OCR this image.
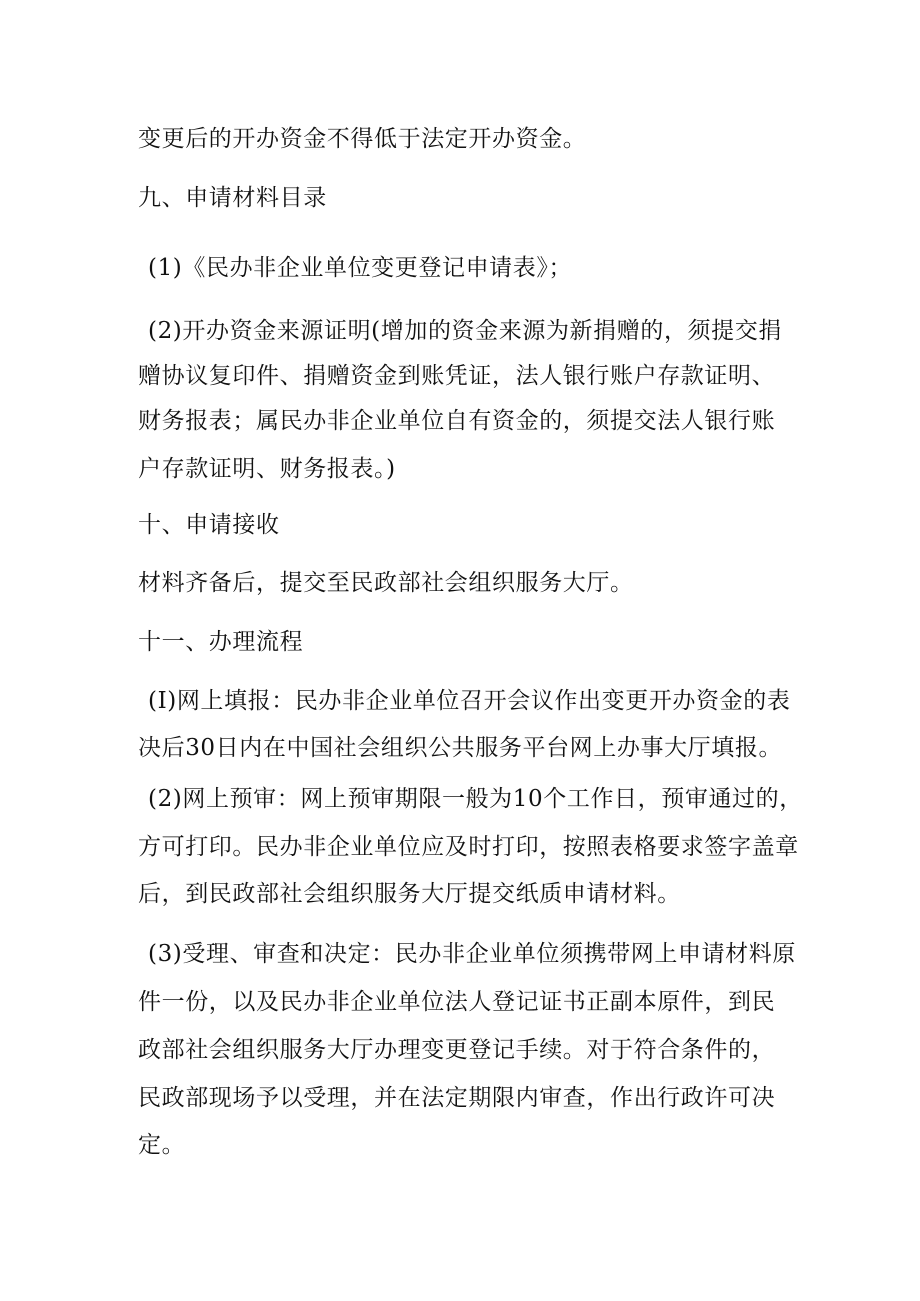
变更后的开办资金不得低于法定开办资金。
九、申请材料目录
(1)《民办非企业单位变更登记申请表》；
(2)开办资金来源证明(增加的资金来源为新捐赠的，须提交捐
赠协议复印件、捐赠资金到账凭证，法人银行账户存款证明、
财务报表；属民办非企业单位自有资金的，须提交法人银行账
户存款证明、财务报表。)
十、申请接收
材料齐备后，提交至民政部社会组织服务大厅。
十一、办理流程
(I)网上填报：民办非企业单位召开会议作出变更开办资金的表
决后30日内在中国社会组织公共服务平台网上办事大厅填报。
(2)网上预审：网上预审期限一般为10个工作日，预审通过的，
方可打印。民办非企业单位应及时打印，按照表格要求签字盖章
后，到民政部社会组织服务大厅提交纸质申请材料。
(3)受理、审查和决定：民办非企业单位须携带网上申请材料原
件一份，以及民办非企业单位法人登记证书正副本原件，到民
政部社会组织服务大厅办理变更登记手续。对于符合条件的，
民政部现场予以受理，并在法定期限内审查，作出行政许可决
定。
